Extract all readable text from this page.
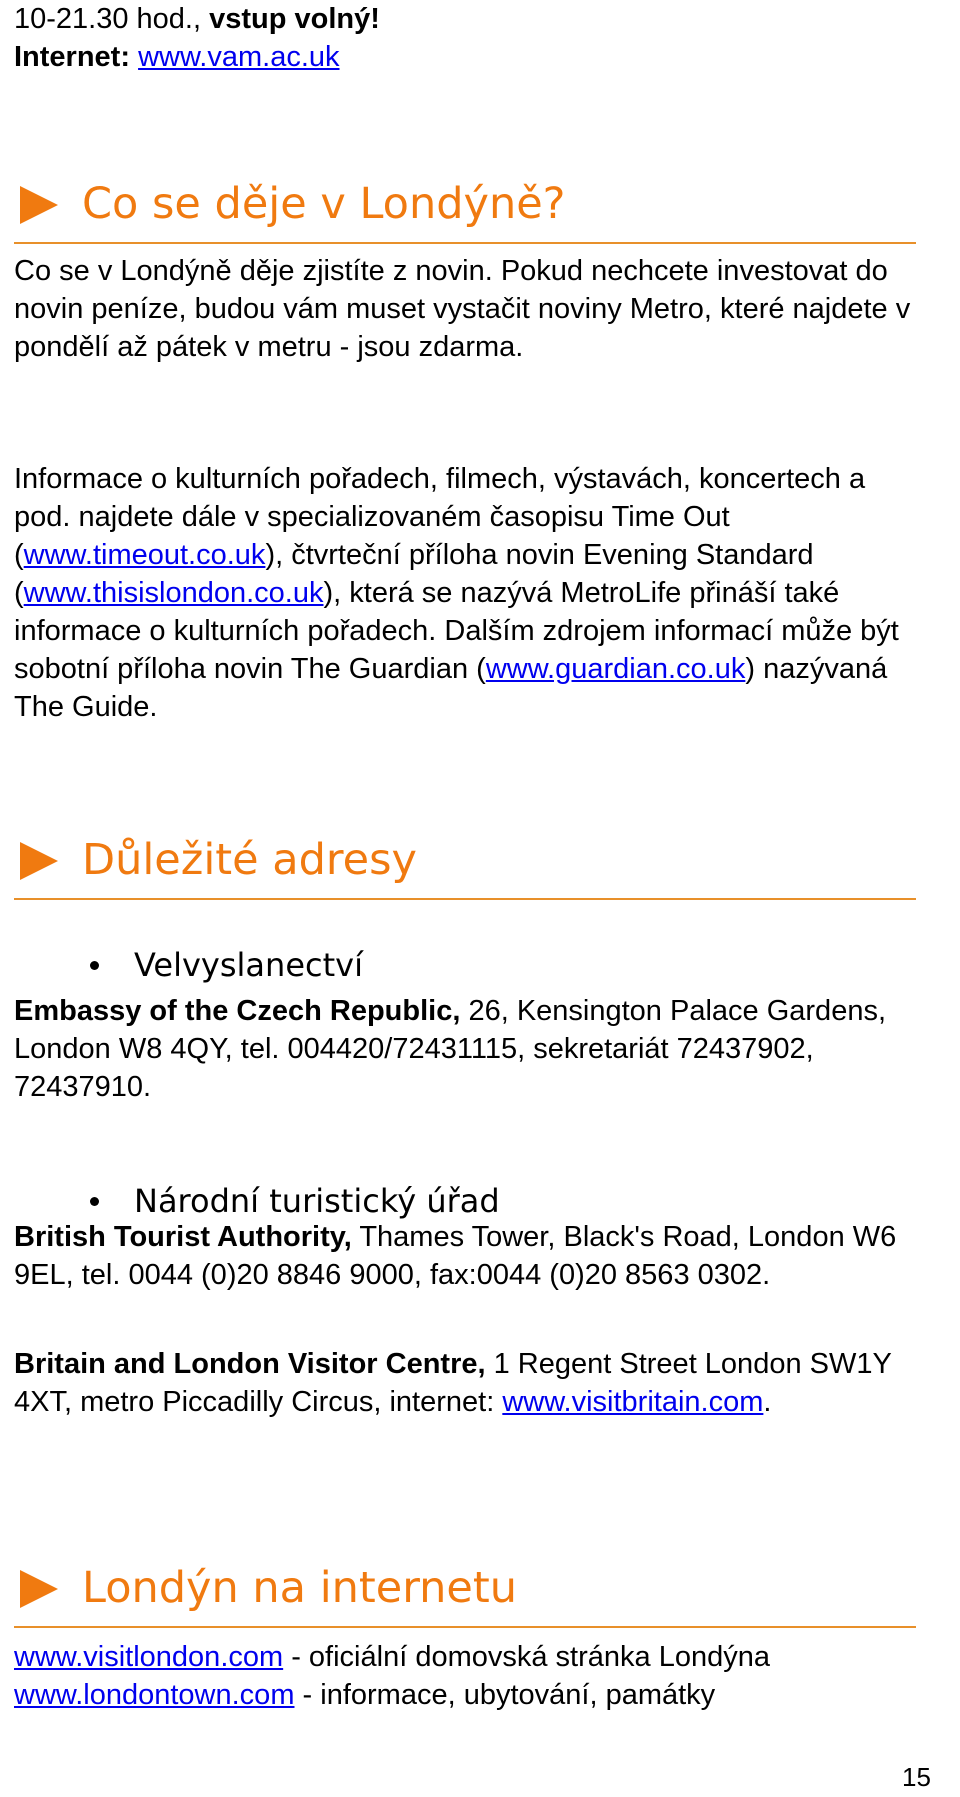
10-21.30 hod., vstup volný!

Internet: www.vam.ac.uk

Co se děje v Londýně?

Co se v Londýně děje zjistíte z novin. Pokud nechcete investovat do novin peníze, budou vám muset vystačit noviny Metro, které najdete v pondělí až pátek v metru - jsou zdarma.

Informace o kulturních pořadech, filmech, výstavách, koncertech a pod. najdete dále v specializovaném časopisu Time Out (www.timeout.co.uk), čtvrteční příloha novin Evening Standard (www.thisislondon.co.uk), která se nazývá MetroLife přináší také informace o kulturních pořadech. Dalším zdrojem informací může být sobotní příloha novin The Guardian (www.guardian.co.uk) nazývaná The Guide.

Důležité adresy
Velvyslanectví

Embassy of the Czech Republic, 26, Kensington Palace Gardens, London W8 4QY, tel. 004420/72431115, sekretariát 72437902, 72437910.

Národní turistický úřad

British Tourist Authority, Thames Tower, Black's Road, London W6 9EL, tel. 0044 (0)20 8846 9000, fax:0044 (0)20 8563 0302.

Britain and London Visitor Centre, 1 Regent Street London SW1Y 4XT, metro Piccadilly Circus, internet: www.visitbritain.com.

Londýn na internetu

www.visitlondon.com - oficiální domovská stránka Londýna

www.londontown.com - informace, ubytování, památky

15
